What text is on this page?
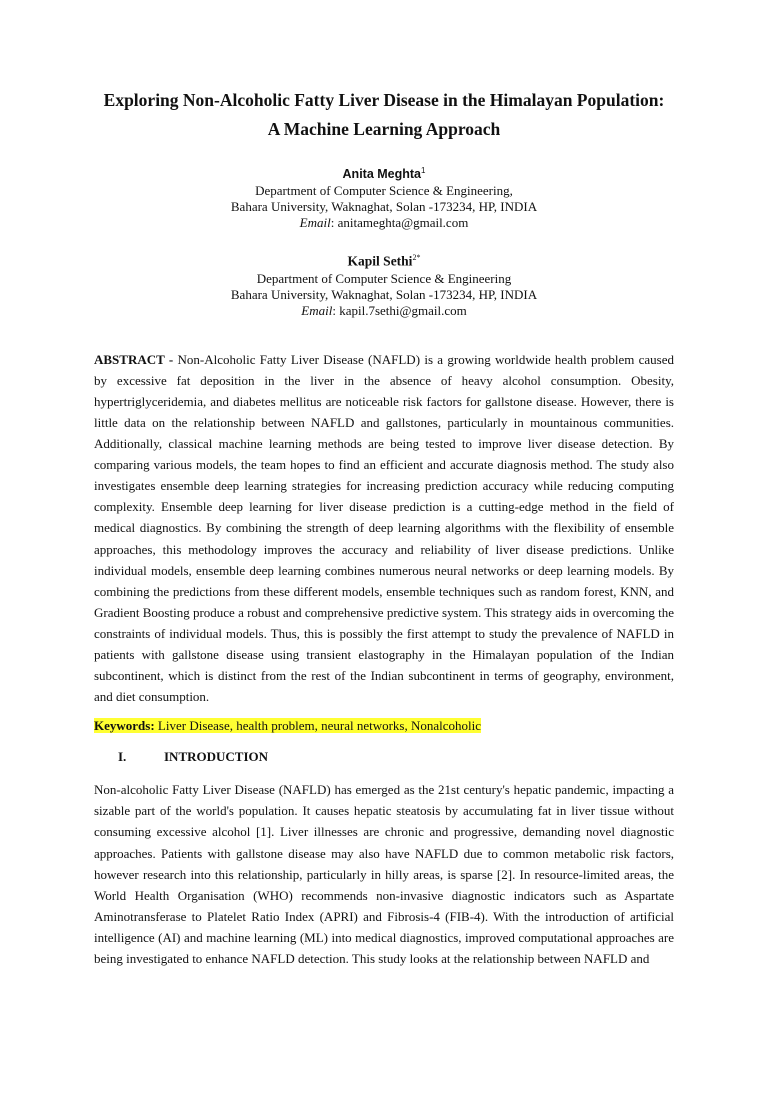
Exploring Non-Alcoholic Fatty Liver Disease in the Himalayan Population:
A Machine Learning Approach
Anita Meghta$^1$
Department of Computer Science & Engineering,
Bahara University, Waknaghat, Solan -173234, HP, INDIA
Email: anitameghta@gmail.com
Kapil Sethi$^{2*}$
Department of Computer Science & Engineering
Bahara University, Waknaghat, Solan -173234, HP, INDIA
Email: kapil.7sethi@gmail.com
ABSTRACT - Non-Alcoholic Fatty Liver Disease (NAFLD) is a growing worldwide health problem caused by excessive fat deposition in the liver in the absence of heavy alcohol consumption. Obesity, hypertriglyceridemia, and diabetes mellitus are noticeable risk factors for gallstone disease. However, there is little data on the relationship between NAFLD and gallstones, particularly in mountainous communities. Additionally, classical machine learning methods are being tested to improve liver disease detection. By comparing various models, the team hopes to find an efficient and accurate diagnosis method. The study also investigates ensemble deep learning strategies for increasing prediction accuracy while reducing computing complexity. Ensemble deep learning for liver disease prediction is a cutting-edge method in the field of medical diagnostics. By combining the strength of deep learning algorithms with the flexibility of ensemble approaches, this methodology improves the accuracy and reliability of liver disease predictions. Unlike individual models, ensemble deep learning combines numerous neural networks or deep learning models. By combining the predictions from these different models, ensemble techniques such as random forest, KNN, and Gradient Boosting produce a robust and comprehensive predictive system. This strategy aids in overcoming the constraints of individual models. Thus, this is possibly the first attempt to study the prevalence of NAFLD in patients with gallstone disease using transient elastography in the Himalayan population of the Indian subcontinent, which is distinct from the rest of the Indian subcontinent in terms of geography, environment, and diet consumption.
Keywords: Liver Disease, health problem, neural networks, Nonalcoholic
I.	INTRODUCTION
Non-alcoholic Fatty Liver Disease (NAFLD) has emerged as the 21st century's hepatic pandemic, impacting a sizable part of the world's population. It causes hepatic steatosis by accumulating fat in liver tissue without consuming excessive alcohol [1]. Liver illnesses are chronic and progressive, demanding novel diagnostic approaches. Patients with gallstone disease may also have NAFLD due to common metabolic risk factors, however research into this relationship, particularly in hilly areas, is sparse [2]. In resource-limited areas, the World Health Organisation (WHO) recommends non-invasive diagnostic indicators such as Aspartate Aminotransferase to Platelet Ratio Index (APRI) and Fibrosis-4 (FIB-4). With the introduction of artificial intelligence (AI) and machine learning (ML) into medical diagnostics, improved computational approaches are being investigated to enhance NAFLD detection. This study looks at the relationship between NAFLD and
